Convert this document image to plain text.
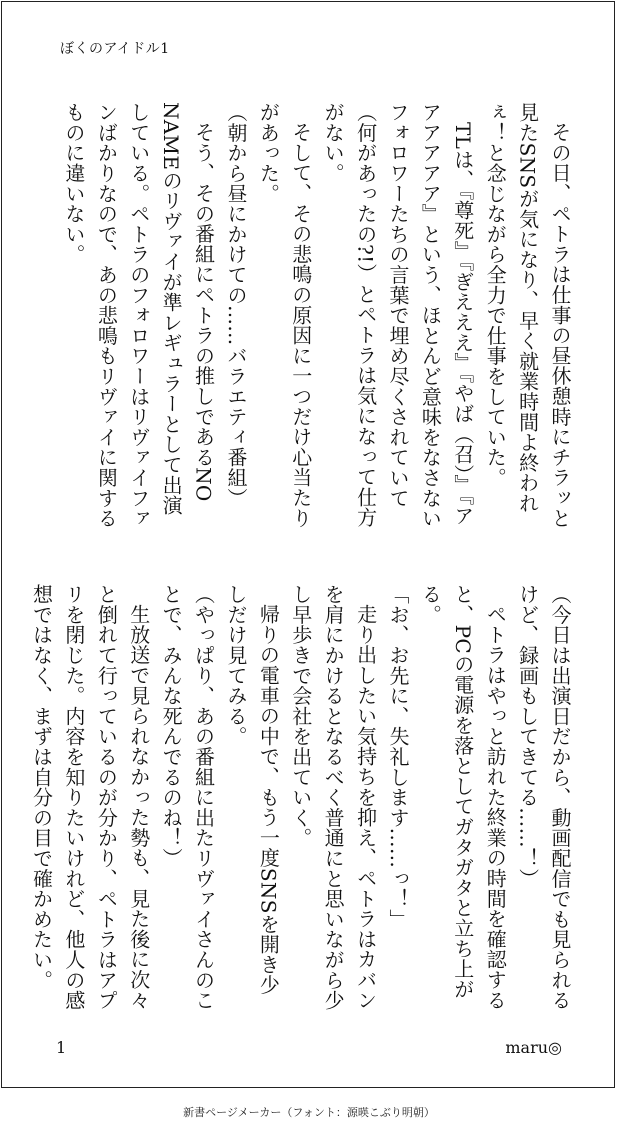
ぼくのアイドル1

その日、ペトラは仕事の昼休憩時にチラッと見たSNSが気になり、早く就業時間よ終われぇ！と念じながら全力で仕事をしていた。

TLは、『尊死』『ぎえええ』『やば（召）』『アアアアアア』という、ほとんど意味をなさないフォロワーたちの言葉で埋め尽くされていて（何があったの?!）とペトラは気になって仕方がない。

そして、その悲鳴の原因に一つだけ心当たりがあった。

（朝から昼にかけての……バラエティ番組）

そう、その番組にペトラの推しであるNO　NAMEのリヴァイが準レギュラーとして出演している。ペトラのフォロワーはリヴァイファンばかりなので、あの悲鳴もリヴァイに関するものに違いない。

（今日は出演日だから、動画配信でも見られるけど、録画もしてきてる……！）

ペトラはやっと訪れた終業の時間を確認すると、PCの電源を落としてガタガタと立ち上がる。

「お、お先に、失礼します……っ！」

走り出したい気持ちを抑え、ペトラはカバンを肩にかけるとなるべく普通にと思いながら少し早歩きで会社を出ていく。

帰りの電車の中で、もう一度SNSを開き少しだけ見てみる。

（やっぱり、あの番組に出たリヴァイさんのことで、みんな死んでるのね！）

生放送で見られなかった勢も、見た後に次々と倒れて行っているのが分かり、ペトラはアプリを閉じた。内容を知りたいけれど、他人の感想ではなく、まずは自分の目で確かめたい。

1	maru◎
新書ページメーカー（フォント：源暎こぶり明朝）
